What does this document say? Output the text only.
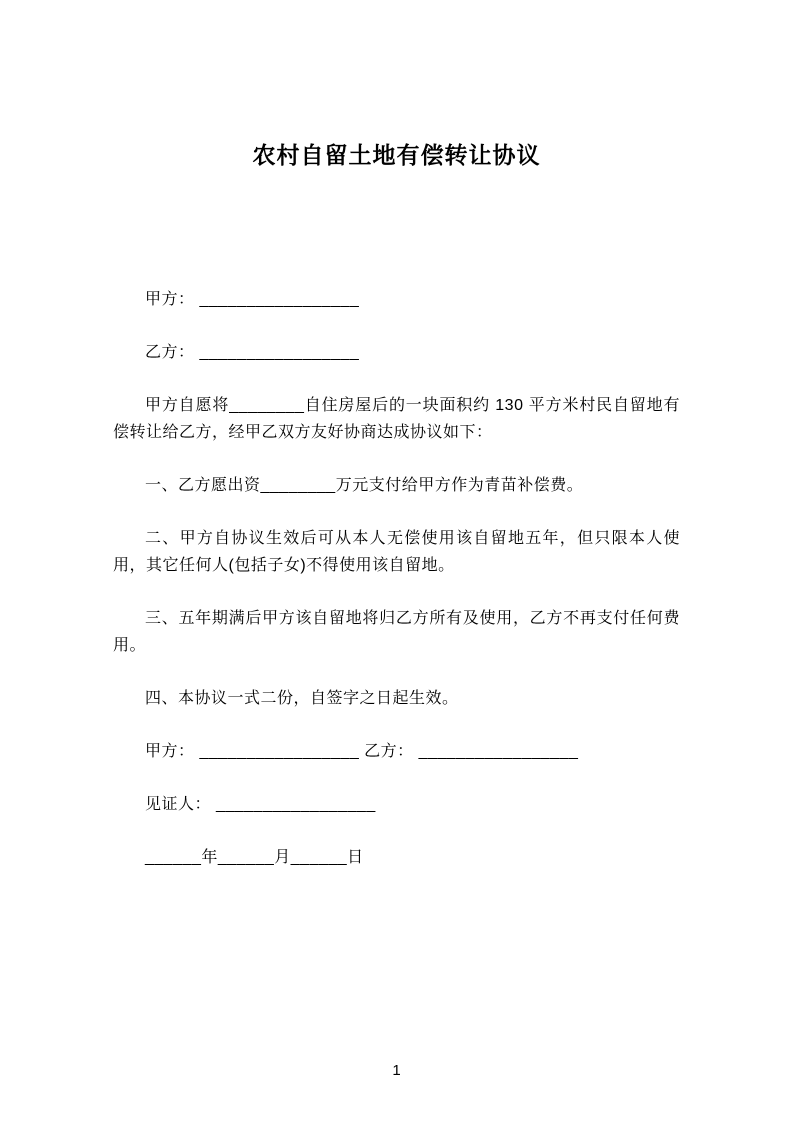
农村自留土地有偿转让协议

甲方： _________________

乙方： _________________

甲方自愿将________自住房屋后的一块面积约 130 平方米村民自留地有偿转让给乙方，经甲乙双方友好协商达成协议如下：

一、乙方愿出资________万元支付给甲方作为青苗补偿费。

二、甲方自协议生效后可从本人无偿使用该自留地五年，但只限本人使用，其它任何人(包括子女)不得使用该自留地。

三、五年期满后甲方该自留地将归乙方所有及使用，乙方不再支付任何费用。

四、本协议一式二份，自签字之日起生效。

甲方： _________________ 乙方： _________________

见证人： _________________

______年______月______日

1
